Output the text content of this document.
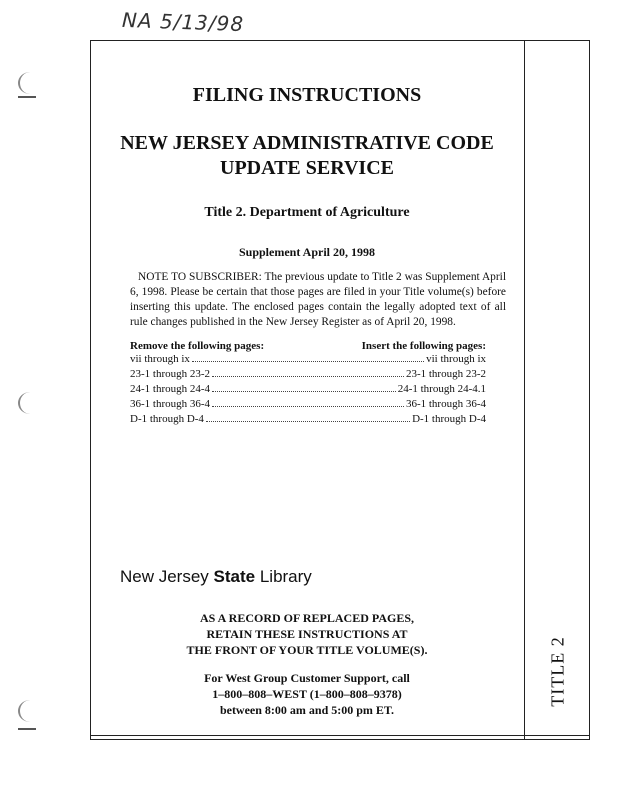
NA 5/13/98
TITLE 2
FILING INSTRUCTIONS
NEW JERSEY ADMINISTRATIVE CODE
UPDATE SERVICE
Title 2. Department of Agriculture
Supplement April 20, 1998
NOTE TO SUBSCRIBER: The previous update to Title 2 was Supplement April 6, 1998. Please be certain that those pages are filed in your Title volume(s) before inserting this update. The enclosed pages contain the legally adopted text of all rule changes published in the New Jersey Register as of April 20, 1998.
Remove the following pages:	Insert the following pages:
vii through ix	vii through ix
23-1 through 23-2	23-1 through 23-2
24-1 through 24-4	24-1 through 24-4.1
36-1 through 36-4	36-1 through 36-4
D-1 through D-4	D-1 through D-4
New Jersey State Library
AS A RECORD OF REPLACED PAGES,
RETAIN THESE INSTRUCTIONS AT
THE FRONT OF YOUR TITLE VOLUME(S).
For West Group Customer Support, call
1–800–808–WEST (1–800–808–9378)
between 8:00 am and 5:00 pm ET.
